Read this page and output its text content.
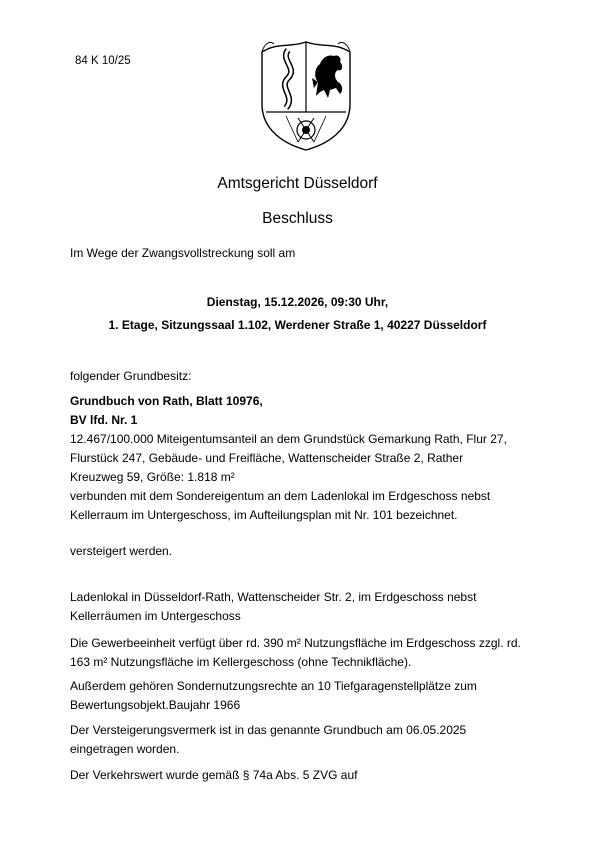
84 K 10/25
Amtsgericht Düsseldorf
Beschluss
Im Wege der Zwangsvollstreckung soll am
Dienstag, 15.12.2026, 09:30 Uhr,
1. Etage, Sitzungssaal 1.102, Werdener Straße 1, 40227 Düsseldorf
folgender Grundbesitz:
Grundbuch von Rath, Blatt 10976,
BV lfd. Nr. 1
12.467/100.000 Miteigentumsanteil an dem Grundstück Gemarkung Rath, Flur 27,
Flurstück 247, Gebäude- und Freifläche, Wattenscheider Straße 2, Rather
Kreuzweg 59, Größe: 1.818 m²
verbunden mit dem Sondereigentum an dem Ladenlokal im Erdgeschoss nebst
Kellerraum im Untergeschoss, im Aufteilungsplan mit Nr. 101 bezeichnet.
versteigert werden.
Ladenlokal in Düsseldorf-Rath, Wattenscheider Str. 2, im Erdgeschoss nebst
Kellerräumen im Untergeschoss
Die Gewerbeeinheit verfügt über rd. 390 m² Nutzungsfläche im Erdgeschoss zzgl. rd.
163 m² Nutzungsfläche im Kellergeschoss (ohne Technikfläche).
Außerdem gehören Sondernutzungsrechte an 10 Tiefgaragenstellplätze zum
Bewertungsobjekt.Baujahr 1966
Der Versteigerungsvermerk ist in das genannte Grundbuch am 06.05.2025
eingetragen worden.
Der Verkehrswert wurde gemäß § 74a Abs. 5 ZVG auf
